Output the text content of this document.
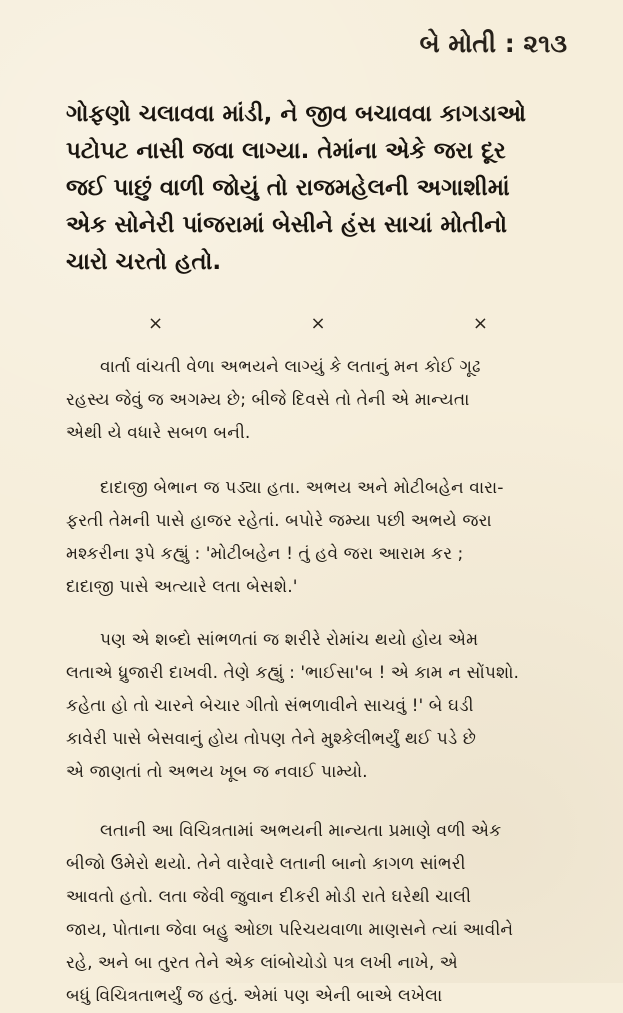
બે મોતી : ૨૧૩

ગોફણો ચલાવવા માંડી, ને જીવ બચાવવા કાગડાઓ

પટોપટ નાસી જવા લાગ્યા. તેમાંના એકે જરા દૂર

જઈ પાછું વાળી જોયું તો રાજમહેલની અગાશીમાં

એક સોનેરી પાંજરામાં બેસીને હંસ સાચાં મોતીનો

ચારો ચરતો હતો.

×	×	×

વાર્તા વાંચતી વેળા અભયને લાગ્યું કે લતાનું મન કોઈ ગૂઢ

રહસ્ય જેવું જ અગમ્ય છે; બીજે દિવસે તો તેની એ માન્યતા

એથી યે વધારે સબળ બની.

દાદાજી બેભાન જ પડ્યા હતા. અભય અને મોટીબહેન વારા-

ફરતી તેમની પાસે હાજર રહેતાં. બપોરે જમ્યા પછી અભયે જરા

મશ્કરીના રૂપે કહ્યું : 'મોટીબહેન ! તું હવે જરા આરામ કર ;

દાદાજી પાસે અત્યારે લતા બેસશે.'

પણ એ શબ્દો સાંભળતાં જ શરીરે રોમાંચ થયો હોય એમ

લતાએ ધ્રુજારી દાખવી. તેણે કહ્યું : 'ભાઈસા'બ ! એ કામ ન સોંપશો.

કહેતા હો તો ચારને બેચાર ગીતો સંભળાવીને સાચવું !' બે ઘડી

કાવેરી પાસે બેસવાનું હોય તોપણ તેને મુશ્કેલીભર્યું થઈ પડે છે

એ જાણતાં તો અભય ખૂબ જ નવાઈ પામ્યો.

લતાની આ વિચિત્રતામાં અભયની માન્યતા પ્રમાણે વળી એક

બીજો ઉમેરો થયો. તેને વારેવારે લતાની બાનો કાગળ સાંભરી

આવતો હતો. લતા જેવી જુવાન દીકરી મોડી રાતે ઘરેથી ચાલી

જાય, પોતાના જેવા બહુ ઓછા પરિચયવાળા માણસને ત્યાં આવીને

રહે, અને બા તુરત તેને એક લાંબોચોડો પત્ર લખી નાખે, એ

બધું વિચિત્રતાભર્યું જ હતું. એમાં પણ એની બાએ લખેલા
